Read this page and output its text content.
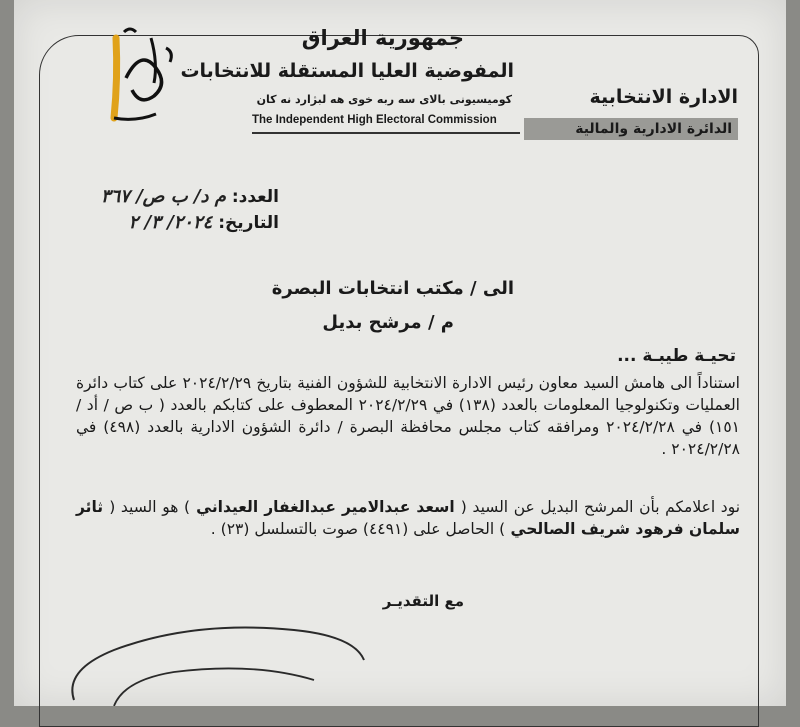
جمهورية العراق
المفوضية العليا المستقلة للانتخابات
كوميسيونى بالاى سه ربه خوى هه لبژارد نه كان
The Independent High Electoral Commission
الادارة الانتخابية
الدائرة الادارية والمالية
العدد: م د/ ب ص/ ٣٦٧
التاريخ: ٢٠٢٤/ ٣/ ٢
الى / مكتب انتخابات البصرة
م / مرشح بديل
تحيـة طيبـة ...
استناداً الى هامش السيد معاون رئيس الادارة الانتخابية للشؤون الفنية بتاريخ ٢٠٢٤/٢/٢٩ على كتاب دائرة العمليات وتكنولوجيا المعلومات بالعدد (١٣٨) في ٢٠٢٤/٢/٢٩ المعطوف على كتابكم بالعدد ( ب ص / أد / ١٥١) في ٢٠٢٤/٢/٢٨ ومرافقه كتاب مجلس محافظة البصرة / دائرة الشؤون الادارية بالعدد (٤٩٨) في ٢٠٢٤/٢/٢٨ .
نود اعلامكم بأن المرشح البديل عن السيد ( اسعد عبدالامير عبدالغفار العيداني ) هو السيد ( ثائر سلمان فرهود شريف الصالحي ) الحاصل على (٤٤٩١) صوت بالتسلسل (٢٣) .
مع التقديـر
